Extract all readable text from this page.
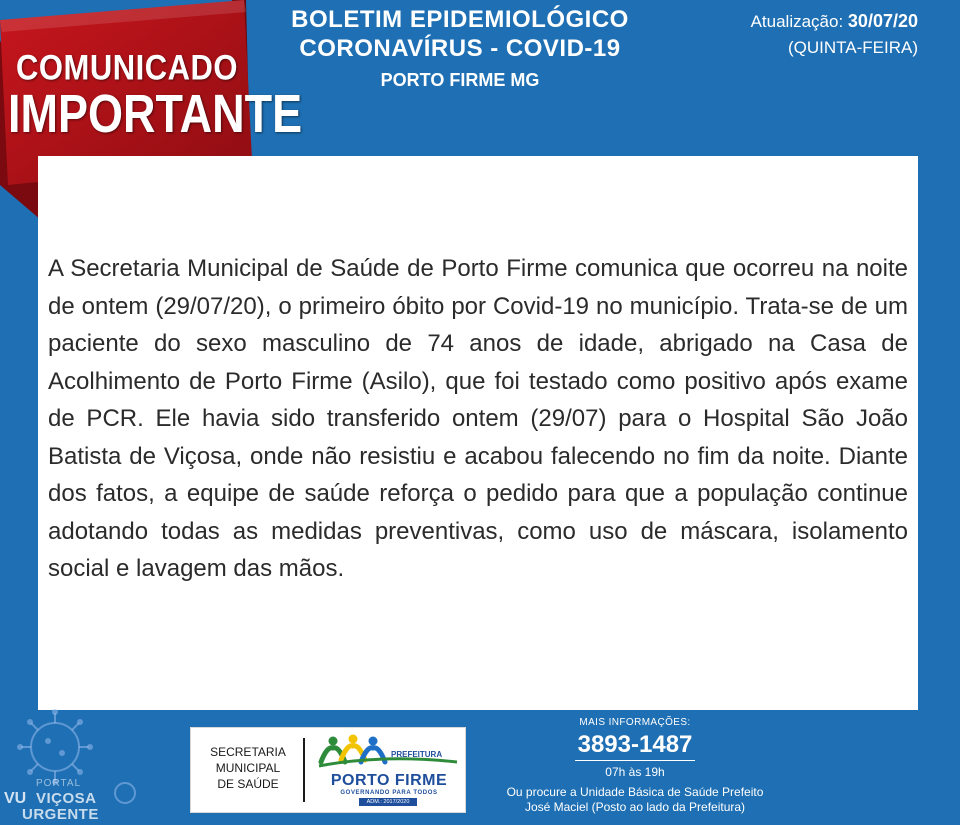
COMUNICADO
IMPORTANTE
BOLETIM EPIDEMIOLÓGICO
CORONAVÍRUS - COVID-19
PORTO FIRME MG
Atualização: 30/07/20
(QUINTA-FEIRA)
A Secretaria Municipal de Saúde de Porto Firme comunica que ocorreu na noite de ontem (29/07/20), o primeiro óbito por Covid-19 no município. Trata-se de um paciente do sexo masculino de 74 anos de idade, abrigado na Casa de Acolhimento de Porto Firme (Asilo), que foi testado como positivo após exame de PCR. Ele havia sido transferido ontem (29/07) para o Hospital São João Batista de Viçosa, onde não resistiu e acabou falecendo no fim da noite. Diante dos fatos, a equipe de saúde reforça o pedido para que a população continue adotando todas as medidas preventivas, como uso de máscara, isolamento social e lavagem das mãos.
SECRETARIA
MUNICIPAL
DE SAÚDE
PREFEITURA
PORTO FIRME
GOVERNANDO PARA TODOS
ADM.: 2017/2020
MAIS INFORMAÇÕES:
3893-1487
07h às 19h
Ou procure a Unidade Básica de Saúde Prefeito
José Maciel (Posto ao lado da Prefeitura)
VU
PORTAL
VIÇOSA
URGENTE
